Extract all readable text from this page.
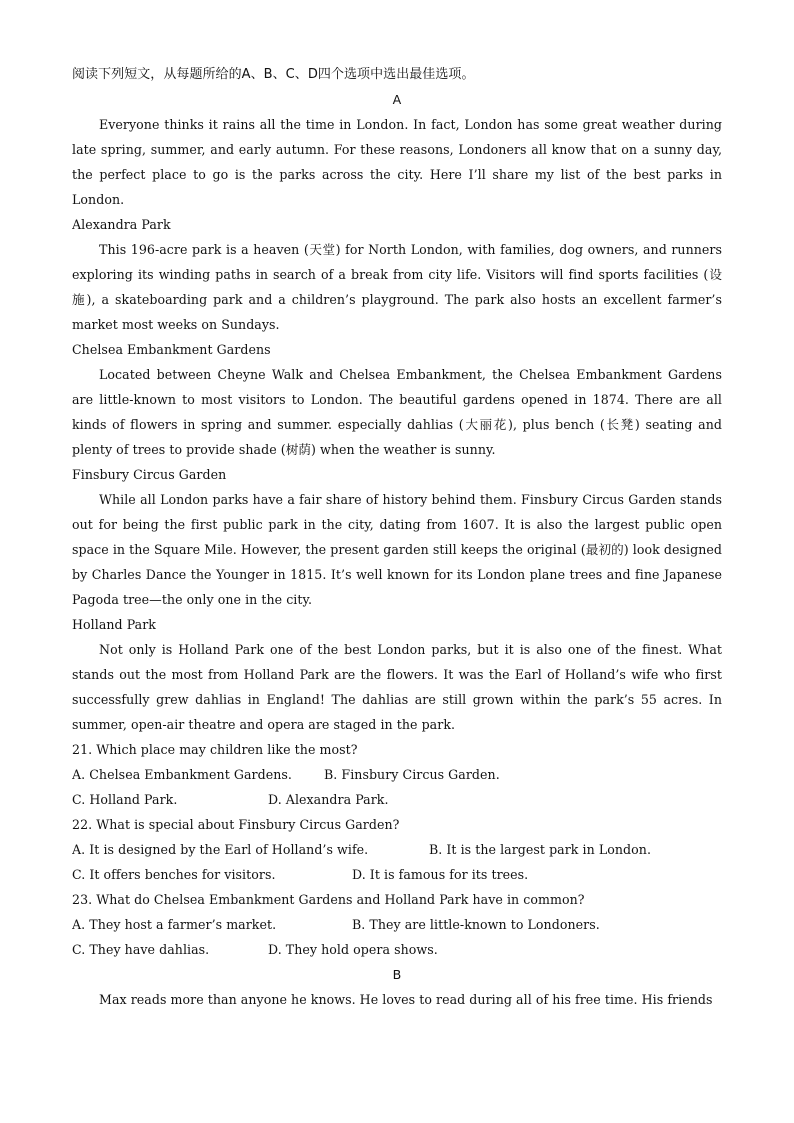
阅读下列短文，从每题所给的A、B、C、D四个选项中选出最佳选项。
A
Everyone thinks it rains all the time in London. In fact, London has some great weather during late spring, summer, and early autumn. For these reasons, Londoners all know that on a sunny day, the perfect place to go is the parks across the city. Here I’ll share my list of the best parks in London.
Alexandra Park
This 196-acre park is a heaven (天堂) for North London, with families, dog owners, and runners exploring its winding paths in search of a break from city life. Visitors will find sports facilities (设施), a skateboarding park and a children’s playground. The park also hosts an excellent farmer’s market most weeks on Sundays.
Chelsea Embankment Gardens
Located between Cheyne Walk and Chelsea Embankment, the Chelsea Embankment Gardens are little-known to most visitors to London. The beautiful gardens opened in 1874. There are all kinds of flowers in spring and summer. especially dahlias (大丽花), plus bench (长凳) seating and plenty of trees to provide shade (树荫) when the weather is sunny.
Finsbury Circus Garden
While all London parks have a fair share of history behind them. Finsbury Circus Garden stands out for being the first public park in the city, dating from 1607. It is also the largest public open space in the Square Mile. However, the present garden still keeps the original (最初的) look designed by Charles Dance the Younger in 1815. It’s well known for its London plane trees and fine Japanese Pagoda tree—the only one in the city.
Holland Park
Not only is Holland Park one of the best London parks, but it is also one of the finest. What stands out the most from Holland Park are the flowers. It was the Earl of Holland’s wife who first successfully grew dahlias in England! The dahlias are still grown within the park’s 55 acres. In summer, open-air theatre and opera are staged in the park.
21. Which place may children like the most?
A. Chelsea Embankment Gardens.	B. Finsbury Circus Garden.
C. Holland Park.	D. Alexandra Park.
22. What is special about Finsbury Circus Garden?
A. It is designed by the Earl of Holland’s wife.	B. It is the largest park in London.
C. It offers benches for visitors.	D. It is famous for its trees.
23. What do Chelsea Embankment Gardens and Holland Park have in common?
A. They host a farmer’s market.	B. They are little-known to Londoners.
C. They have dahlias.	D. They hold opera shows.
B
Max reads more than anyone he knows. He loves to read during all of his free time. His friends
